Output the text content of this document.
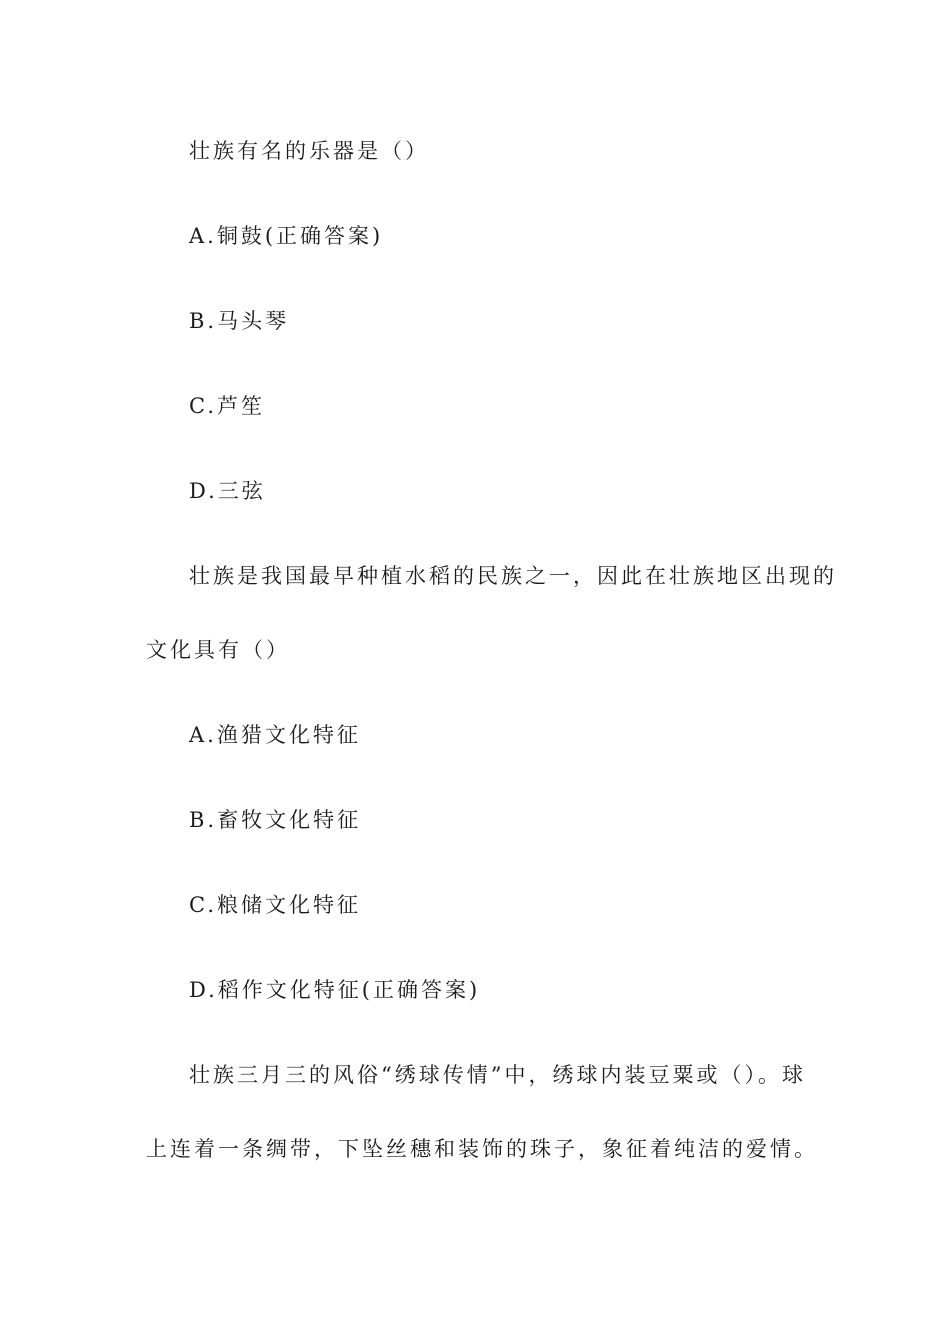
壮族有名的乐器是（）
A.铜鼓(正确答案)
B.马头琴
C.芦笙
D.三弦
壮族是我国最早种植水稻的民族之一，因此在壮族地区出现的
文化具有（）
A.渔猎文化特征
B.畜牧文化特征
C.粮储文化特征
D.稻作文化特征(正确答案)
壮族三月三的风俗“绣球传情”中，绣球内装豆粟或（）。球
上连着一条绸带，下坠丝穗和装饰的珠子，象征着纯洁的爱情。
